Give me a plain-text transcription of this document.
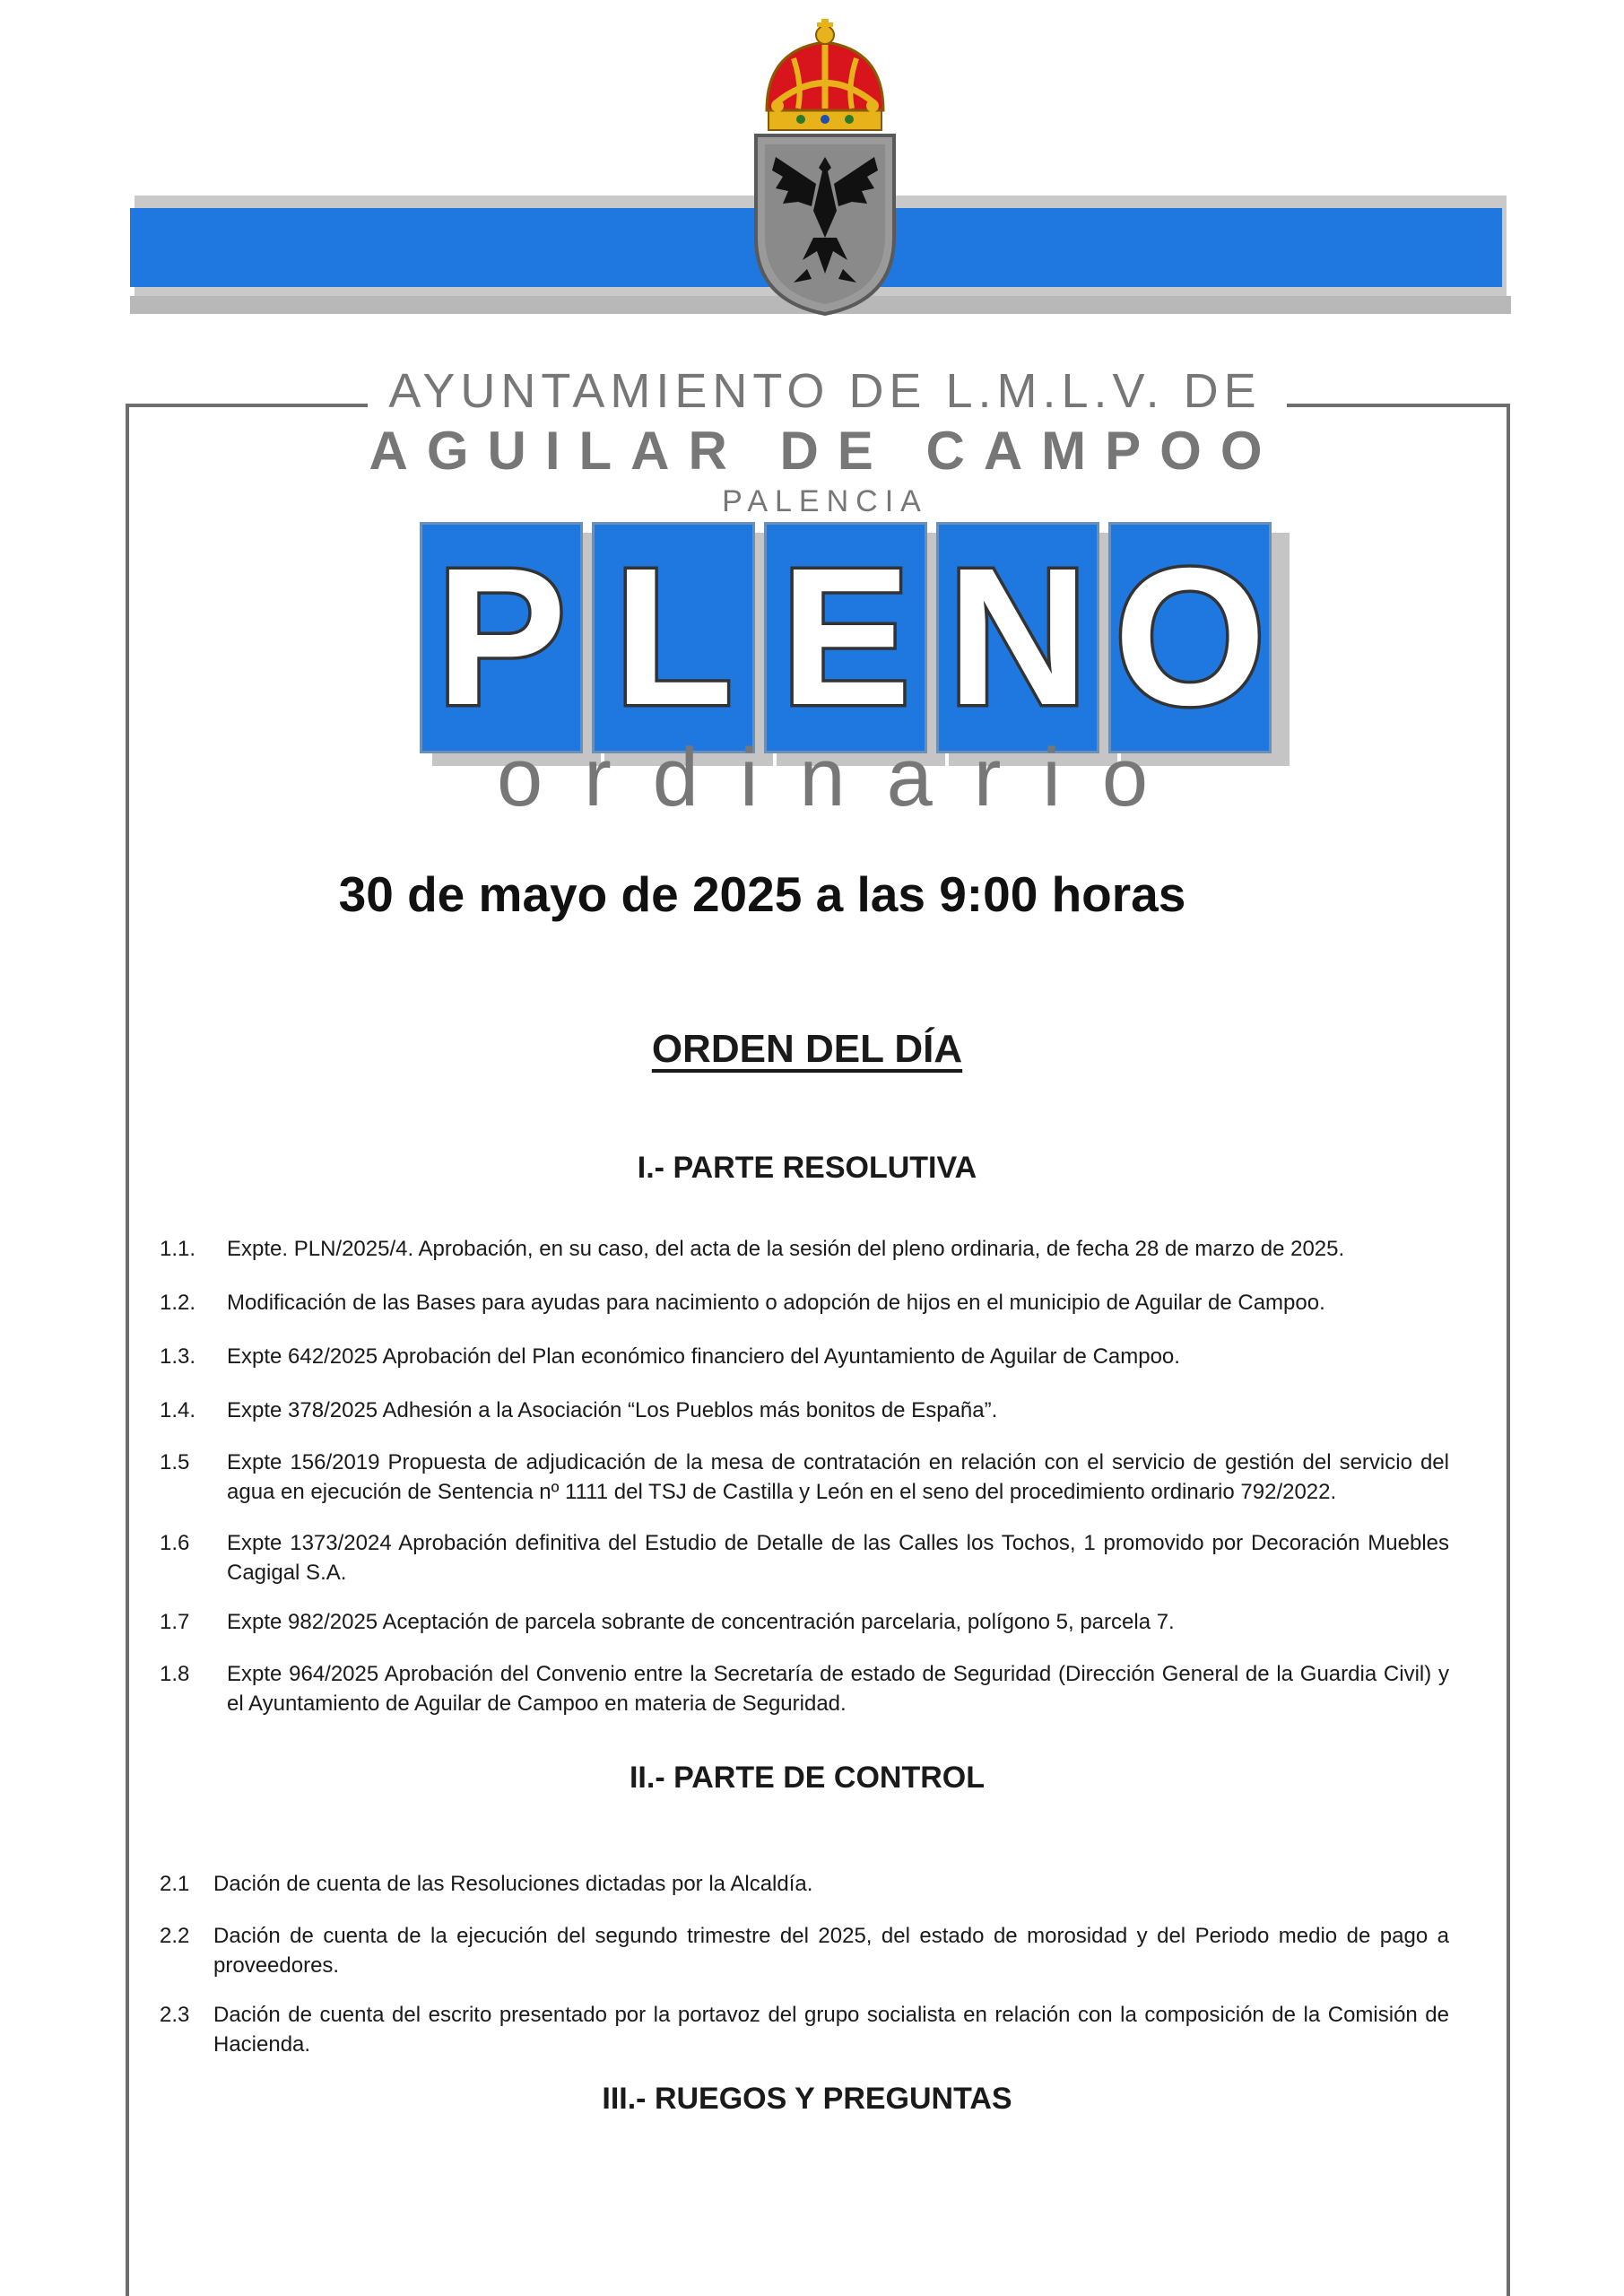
AYUNTAMIENTO DE L.M.L.V. DE
AGUILAR DE CAMPOO
PALENCIA
P L E N O
ordinario
30 de mayo de 2025 a las 9:00 horas
ORDEN DEL DÍA
I.- PARTE RESOLUTIVA
1.1.	Expte. PLN/2025/4. Aprobación, en su caso, del acta de la sesión del pleno ordinaria, de fecha 28 de marzo de 2025.
1.2.	Modificación de las Bases para ayudas para nacimiento o adopción de hijos en el municipio de Aguilar de Campoo.
1.3.	Expte 642/2025 Aprobación del Plan económico financiero del Ayuntamiento de Aguilar de Campoo.
1.4.	Expte 378/2025 Adhesión a la Asociación “Los Pueblos más bonitos de España”.
1.5	Expte 156/2019 Propuesta de adjudicación de la mesa de contratación en relación con el servicio de gestión del servicio del agua en ejecución de Sentencia nº 1111 del TSJ de Castilla y León en el seno del procedimiento ordinario 792/2022.
1.6	Expte 1373/2024 Aprobación definitiva del Estudio de Detalle de las Calles los Tochos, 1 promovido por Decoración Muebles Cagigal S.A.
1.7	Expte 982/2025 Aceptación de parcela sobrante de concentración parcelaria, polígono 5, parcela 7.
1.8	Expte 964/2025 Aprobación del Convenio entre la Secretaría de estado de Seguridad (Dirección General de la Guardia Civil) y el Ayuntamiento de Aguilar de Campoo en materia de Seguridad.
II.- PARTE DE CONTROL
2.1	Dación de cuenta de las Resoluciones dictadas por la Alcaldía.
2.2	Dación de cuenta de la ejecución del segundo trimestre del 2025, del estado de morosidad y del Periodo medio de pago a proveedores.
2.3	Dación de cuenta del escrito presentado por la portavoz del grupo socialista en relación con la composición de la Comisión de Hacienda.
III.- RUEGOS Y PREGUNTAS
